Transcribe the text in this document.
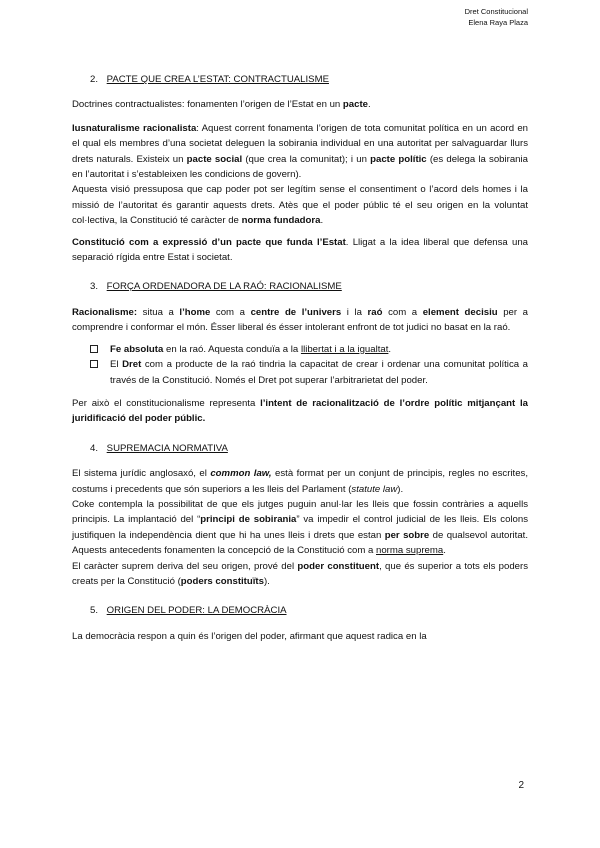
Dret Constitucional
Elena Raya Plaza
2. PACTE QUE CREA L’ESTAT: CONTRACTUALISME

Doctrines contractualistes: fonamenten l’origen de l’Estat en un pacte.

Iusnaturalisme racionalista: Aquest corrent fonamenta l’origen de tota comunitat política en un acord en el qual els membres d’una societat deleguen la sobirania individual en una autoritat per salvaguardar llurs drets naturals. Existeix un pacte social (que crea la comunitat); i un pacte polític (es delega la sobirania en l’autoritat i s’estableixen les condicions de govern).

Aquesta visió pressuposa que cap poder pot ser legítim sense el consentiment o l’acord dels homes i la missió de l’autoritat és garantir aquests drets. Atès que el poder públic té el seu origen en la voluntat col·lectiva, la Constitució té caràcter de norma fundadora.

Constitució com a expressió d’un pacte que funda l’Estat. Lligat a la idea liberal que defensa una separació rígida entre Estat i societat.

3. FORÇA ORDENADORA DE LA RAÓ: RACIONALISME

Racionalisme: situa a l’home com a centre de l’univers i la raó com a element decisiu per a comprendre i conformar el món. Ésser liberal és ésser intolerant enfront de tot judici no basat en la raó.

Fe absoluta en la raó. Aquesta conduïa a la llibertat i a la igualtat.
El Dret com a producte de la raó tindria la capacitat de crear i ordenar una comunitat política a través de la Constitució. Només el Dret pot superar l’arbitrarietat del poder.

Per això el constitucionalisme representa l’intent de racionalització de l’ordre polític mitjançant la juridificació del poder públic.

4. SUPREMACIA NORMATIVA

El sistema jurídic anglosaxó, el common law, està format per un conjunt de principis, regles no escrites, costums i precedents que són superiors a les lleis del Parlament (statute law).

Coke contempla la possibilitat de que els jutges puguin anul·lar les lleis que fossin contràries a aquells principis. La implantació del “principi de sobirania” va impedir el control judicial de les lleis. Els colons justifiquen la independència dient que hi ha unes lleis i drets que estan per sobre de qualsevol autoritat. Aquests antecedents fonamenten la concepció de la Constitució com a norma suprema.

El caràcter suprem deriva del seu origen, prové del poder constituent, que és superior a tots els poders creats per la Constitució (poders constituïts).

5. ORIGEN DEL PODER: LA DEMOCRÀCIA

La democràcia respon a quin és l’origen del poder, afirmant que aquest radica en la

2
